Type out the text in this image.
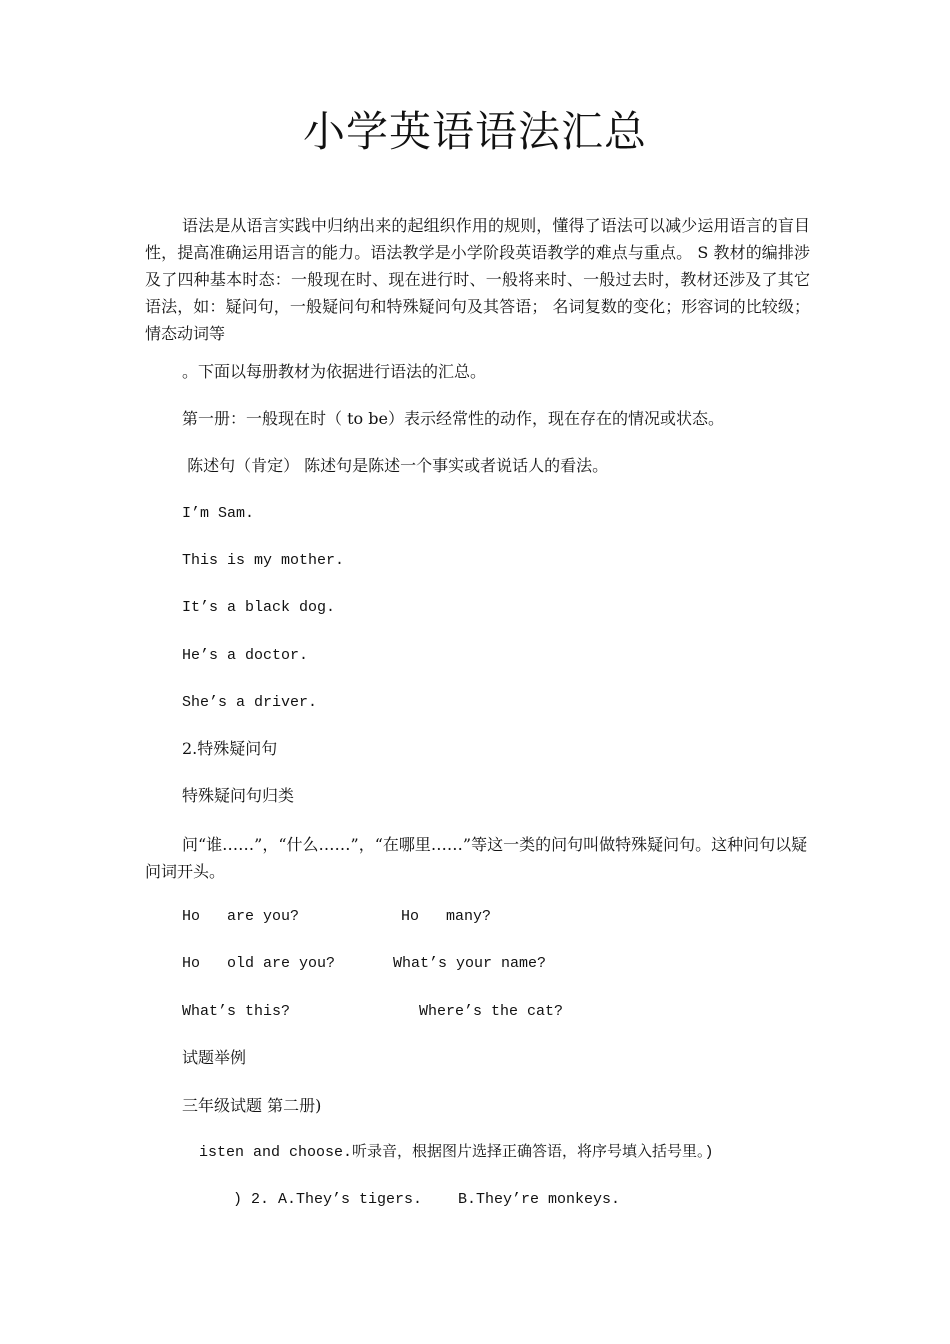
小学英语语法汇总

语法是从语言实践中归纳出来的起组织作用的规则，懂得了语法可以减少运用语言的盲目性，提高准确运用语言的能力。语法教学是小学阶段英语教学的难点与重点。 S 教材的编排涉及了四种基本时态：一般现在时、现在进行时、一般将来时、一般过去时，教材还涉及了其它语法，如：疑问句，一般疑问句和特殊疑问句及其答语； 名词复数的变化；形容词的比较级；情态动词等

。下面以每册教材为依据进行语法的汇总。

第一册：一般现在时（ to be）表示经常性的动作，现在存在的情况或状态。

陈述句（肯定） 陈述句是陈述一个事实或者说话人的看法。

I’m Sam.

This is my mother.

It’s a black dog.

He’s a doctor.

She’s a driver.

2.特殊疑问句

特殊疑问句归类

问“谁……”，“什么……”，“在哪里……”等这一类的问句叫做特殊疑问句。这种问句以疑问词开头。

Ho   are you?	Ho   many?
Ho   old are you?	What’s your name?
What’s this?	Where’s the cat?

试题举例

三年级试题 第二册)

isten and choose.听录音，根据图片选择正确答语，将序号填入括号里。)

) 2. A.They’s tigers.    B.They’re monkeys.
